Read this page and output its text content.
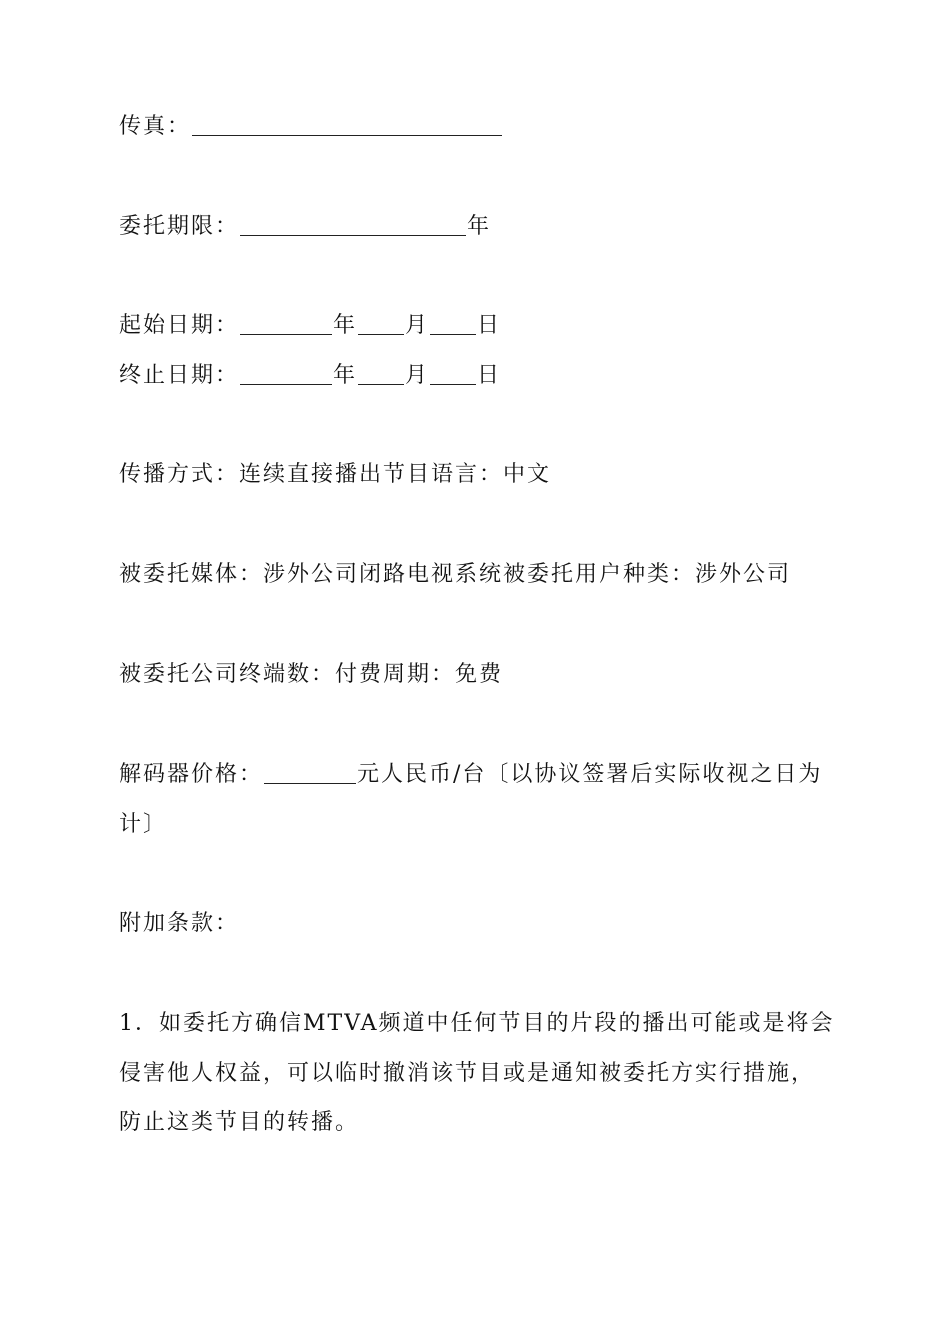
传真：
委托期限：	年
起始日期：	年 月 日
终止日期：	年 月 日
传播方式：连续直接播出节目语言：中文
被委托媒体：涉外公司闭路电视系统被委托用户种类：涉外公司
被委托公司终端数：付费周期：免费
解码器价格：	元人民币/台〔以协议签署后实际收视之日为
计〕
附加条款：
1．如委托方确信MTVA频道中任何节目的片段的播出可能或是将会
侵害他人权益，可以临时撤消该节目或是通知被委托方实行措施，
防止这类节目的转播。
